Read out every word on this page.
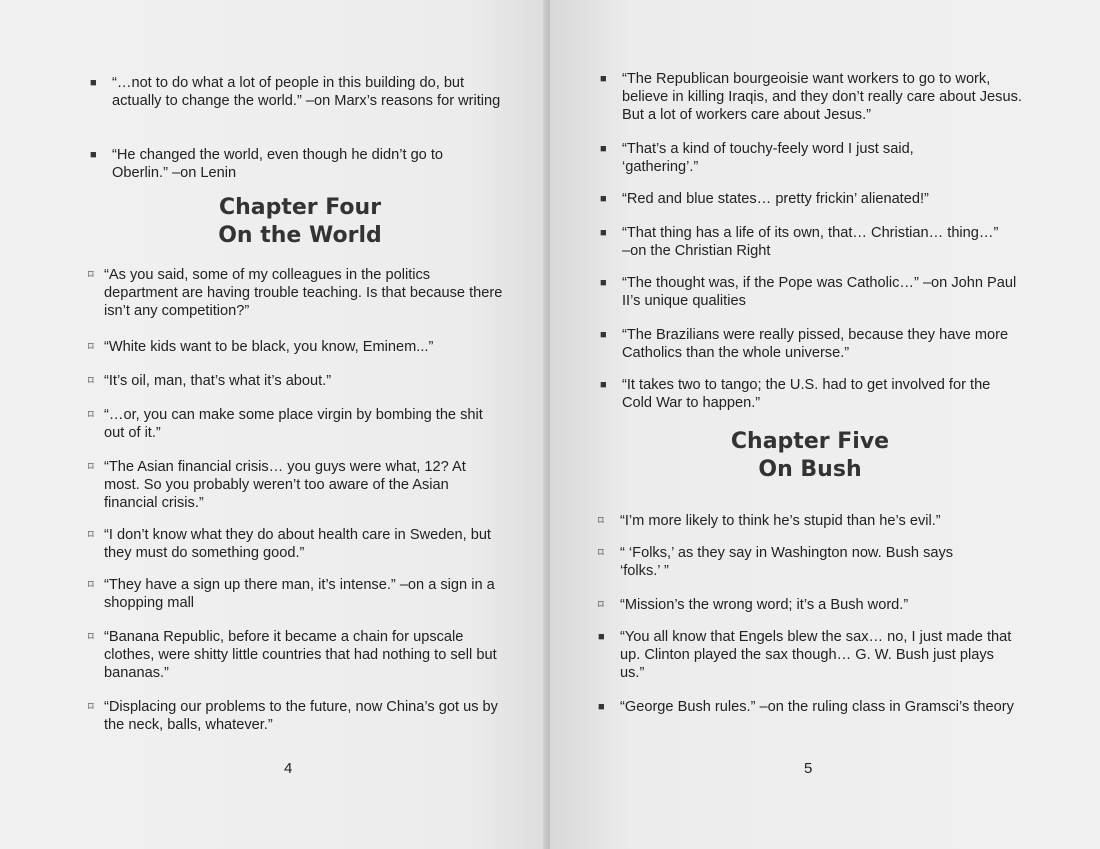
■ “…not to do what a lot of people in this building do, but actually to change the world.” –on Marx’s reasons for writing
■ “He changed the world, even though he didn’t go to Oberlin.” –on Lenin
Chapter Four
On the World
⌑ “As you said, some of my colleagues in the politics department are having trouble teaching. Is that because there isn’t any competition?”
⌑ “White kids want to be black, you know, Eminem...”
⌑ “It’s oil, man, that’s what it’s about.”
⌑ “…or, you can make some place virgin by bombing the shit out of it.”
⌑ “The Asian financial crisis… you guys were what, 12? At most. So you probably weren’t too aware of the Asian financial crisis.”
⌑ “I don’t know what they do about health care in Sweden, but they must do something good.”
⌑ “They have a sign up there man, it’s intense.” –on a sign in a shopping mall
⌑ “Banana Republic, before it became a chain for upscale clothes, were shitty little countries that had nothing to sell but bananas.”
⌑ “Displacing our problems to the future, now China’s got us by the neck, balls, whatever.”
4
■ “The Republican bourgeoisie want workers to go to work, believe in killing Iraqis, and they don’t really care about Jesus. But a lot of workers care about Jesus.”
■ “That’s a kind of touchy-feely word I just said, ‘gathering’.”
■ “Red and blue states… pretty frickin’ alienated!”
■ “That thing has a life of its own, that… Christian… thing…” –on the Christian Right
■ “The thought was, if the Pope was Catholic…” –on John Paul II’s unique qualities
■ “The Brazilians were really pissed, because they have more Catholics than the whole universe.”
■ “It takes two to tango; the U.S. had to get involved for the Cold War to happen.”
Chapter Five
On Bush
⌑ “I’m more likely to think he’s stupid than he’s evil.”
⌑ “ ‘Folks,’ as they say in Washington now. Bush says ‘folks.’ ”
⌑ “Mission’s the wrong word; it’s a Bush word.”
■ “You all know that Engels blew the sax… no, I just made that up. Clinton played the sax though… G. W. Bush just plays us.”
■ “George Bush rules.” –on the ruling class in Gramsci’s theory
5
